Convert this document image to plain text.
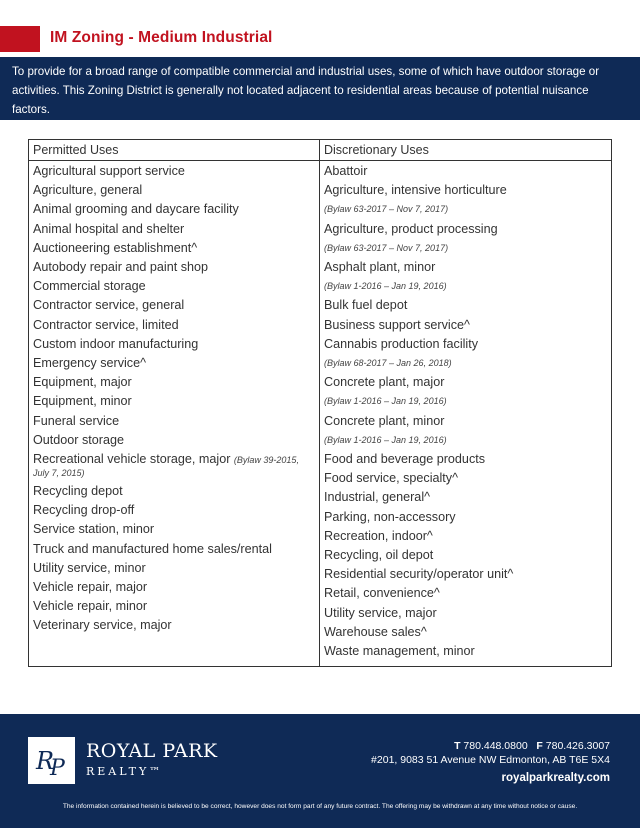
IM Zoning - Medium Industrial

To provide for a broad range of compatible commercial and industrial uses, some of which have outdoor storage or activities. This Zoning District is generally not located adjacent to residential areas because of potential nuisance factors.

Permitted Uses
Agricultural support service
Agriculture, general
Animal grooming and daycare facility
Animal hospital and shelter
Auctioneering establishment^
Autobody repair and paint shop
Commercial storage
Contractor service, general
Contractor service, limited
Custom indoor manufacturing
Emergency service^
Equipment, major
Equipment, minor
Funeral service
Outdoor storage
Recreational vehicle storage, major (Bylaw 39-2015, July 7, 2015)
Recycling depot
Recycling drop-off
Service station, minor
Truck and manufactured home sales/rental
Utility service, minor
Vehicle repair, major
Vehicle repair, minor
Veterinary service, major
Discretionary Uses
Abattoir
Agriculture, intensive horticulture
(Bylaw 63-2017 – Nov 7, 2017)
Agriculture, product processing
(Bylaw 63-2017 – Nov 7, 2017)
Asphalt plant, minor
(Bylaw 1-2016 – Jan 19, 2016)
Bulk fuel depot
Business support service^
Cannabis production facility
(Bylaw 68-2017 – Jan 26, 2018)
Concrete plant, major
(Bylaw 1-2016 – Jan 19, 2016)
Concrete plant, minor
(Bylaw 1-2016 – Jan 19, 2016)
Food and beverage products
Food service, specialty^
Industrial, general^
Parking, non-accessory
Recreation, indoor^
Recycling, oil depot
Residential security/operator unit^
Retail, convenience^
Utility service, major
Warehouse sales^
Waste management, minor
R
P
ROYAL PARK
REALTY™
T 780.448.0800 F 780.426.3007
#201, 9083 51 Avenue NW Edmonton, AB T6E 5X4
royalparkrealty.com
The information contained herein is believed to be correct, however does not form part of any future contract. The offering may be withdrawn at any time without notice or cause.
